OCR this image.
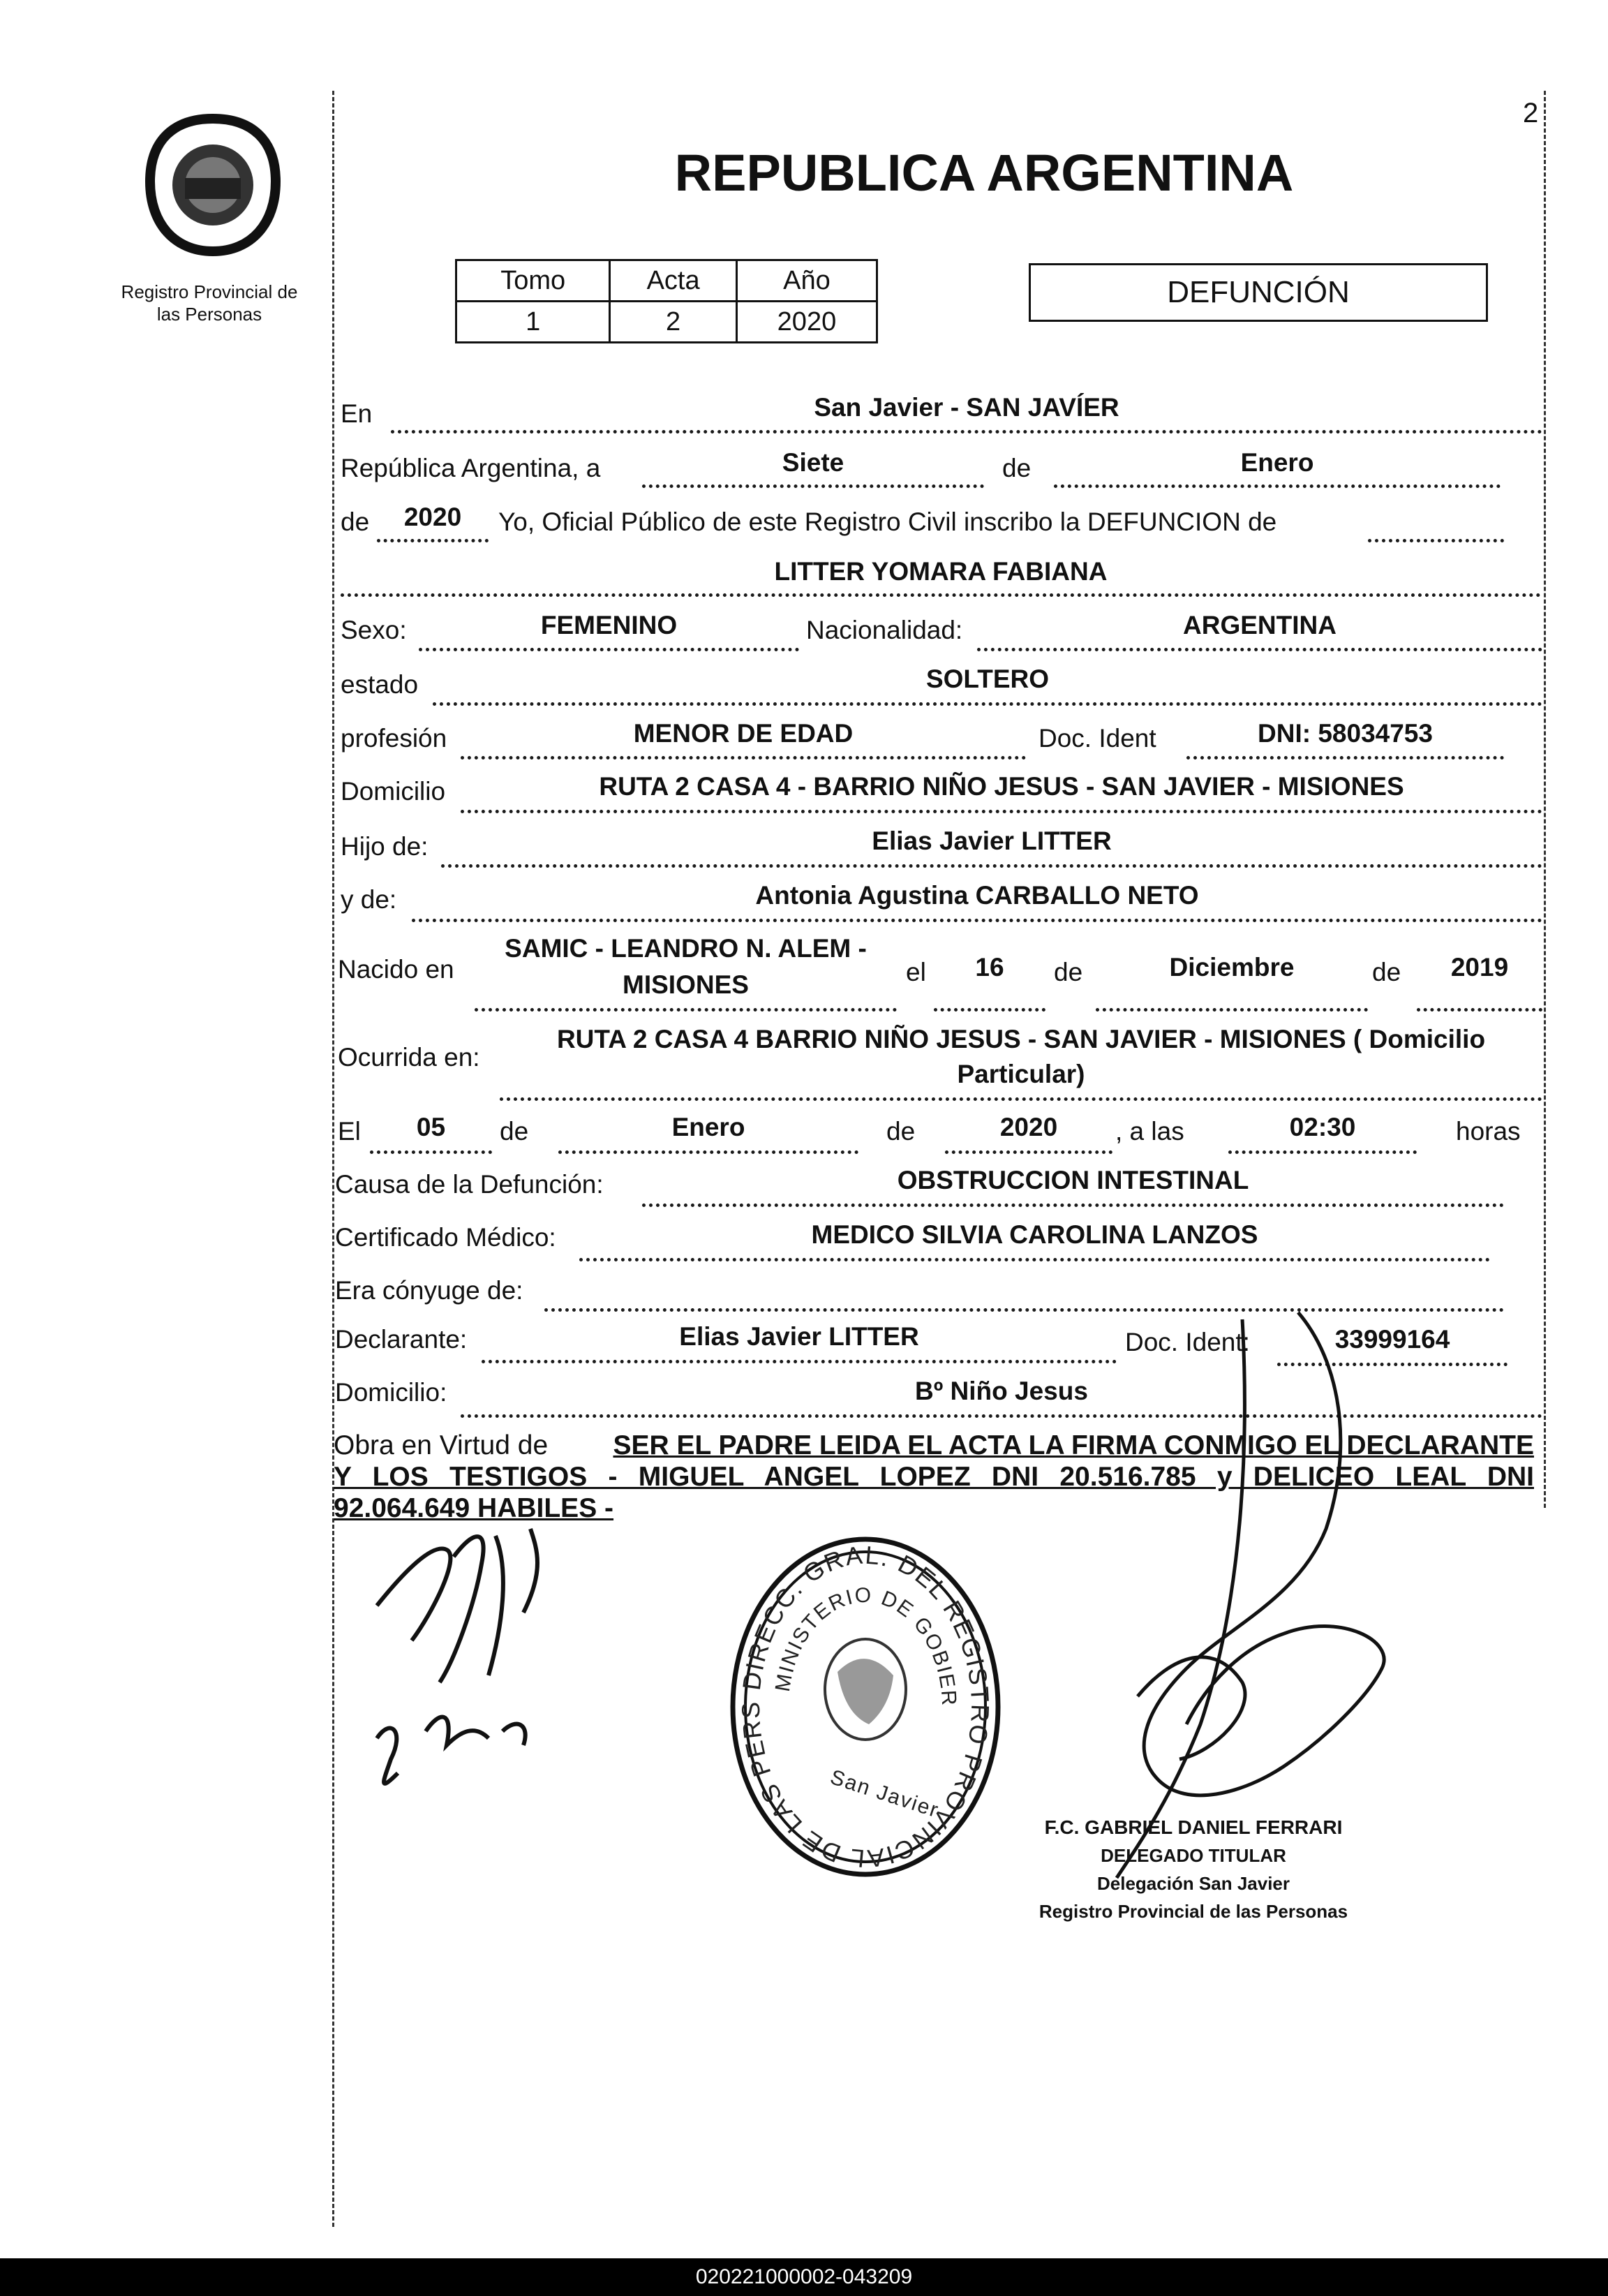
2
Registro Provincial de
las Personas
REPUBLICA ARGENTINA
Tomo	Acta	Año
1	2	2020
DEFUNCIÓN
En	San Javier - SAN JAVÍER
República Argentina, a	Siete	de	Enero
de	2020	Yo, Oficial Público de este Registro Civil inscribo la DEFUNCION de
LITTER YOMARA FABIANA
Sexo:	FEMENINO	Nacionalidad:	ARGENTINA
estado	SOLTERO
profesión	MENOR DE EDAD	Doc. Ident	DNI: 58034753
Domicilio	RUTA 2 CASA 4 - BARRIO NIÑO JESUS - SAN JAVIER - MISIONES
Hijo de:	Elias Javier LITTER
y de:	Antonia Agustina CARBALLO NETO
Nacido en
SAMIC - LEANDRO N. ALEM -
MISIONES	el	16	de	Diciembre	de	2019
Ocurrida en:
RUTA 2 CASA 4 BARRIO NIÑO JESUS - SAN JAVIER - MISIONES ( Domicilio
Particular)
El	05	de	Enero	de	2020	, a las	02:30	horas
Causa de la Defunción:	OBSTRUCCION INTESTINAL
Certificado Médico:	MEDICO SILVIA CAROLINA LANZOS
Era cónyuge de:
Declarante:	Elias Javier LITTER	Doc. Ident:	33999164
Domicilio:	Bº Niño Jesus
Obra en Virtud de SER EL PADRE LEIDA EL ACTA LA FIRMA CONMIGO EL DECLARANTE
Y LOS TESTIGOS - MIGUEL ANGEL LOPEZ DNI 20.516.785 y DELICEO LEAL DNI
92.064.649 HABILES -
DIRECC. GRAL. DEL REGISTRO PROVINCIAL DE LAS PERS
MINISTERIO DE GOBIER
San Javier
F.C. GABRIEL DANIEL FERRARI
DELEGADO TITULAR
Delegación San Javier
Registro Provincial de las Personas
020221000002-043209
